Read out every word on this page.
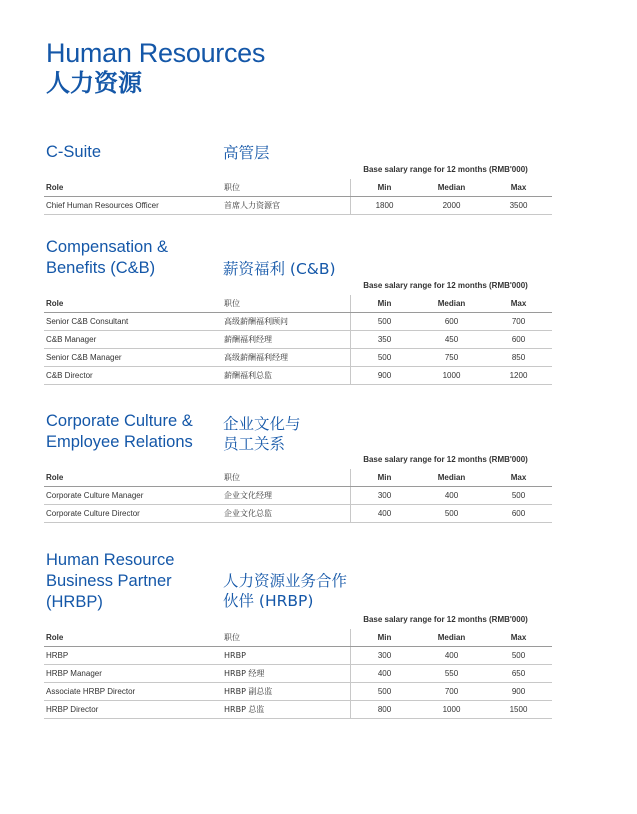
Human Resources
人力资源
C-Suite	高管层
Base salary range for 12 months (RMB'000)
Role	职位	Min	Median	Max
Chief Human Resources Officer	首席人力资源官	1800	2000	3500
Compensation &
Benefits (C&B)	薪资福利 (C&B)
Base salary range for 12 months (RMB'000)
Role	职位	Min	Median	Max
Senior C&B Consultant	高级薪酬福利顾问	500	600	700
C&B Manager	薪酬福利经理	350	450	600
Senior C&B Manager	高级薪酬福利经理	500	750	850
C&B Director	薪酬福利总监	900	1000	1200
Corporate Culture &
Employee Relations
企业文化与
员工关系
Base salary range for 12 months (RMB'000)
Role	职位	Min	Median	Max
Corporate Culture Manager	企业文化经理	300	400	500
Corporate Culture Director	企业文化总监	400	500	600
Human Resource
Business Partner
(HRBP)
人力资源业务合作
伙伴 (HRBP)
Base salary range for 12 months (RMB'000)
Role	职位	Min	Median	Max
HRBP	HRBP	300	400	500
HRBP Manager	HRBP 经理	400	550	650
Associate HRBP Director	HRBP 副总监	500	700	900
HRBP Director	HRBP 总监	800	1000	1500
